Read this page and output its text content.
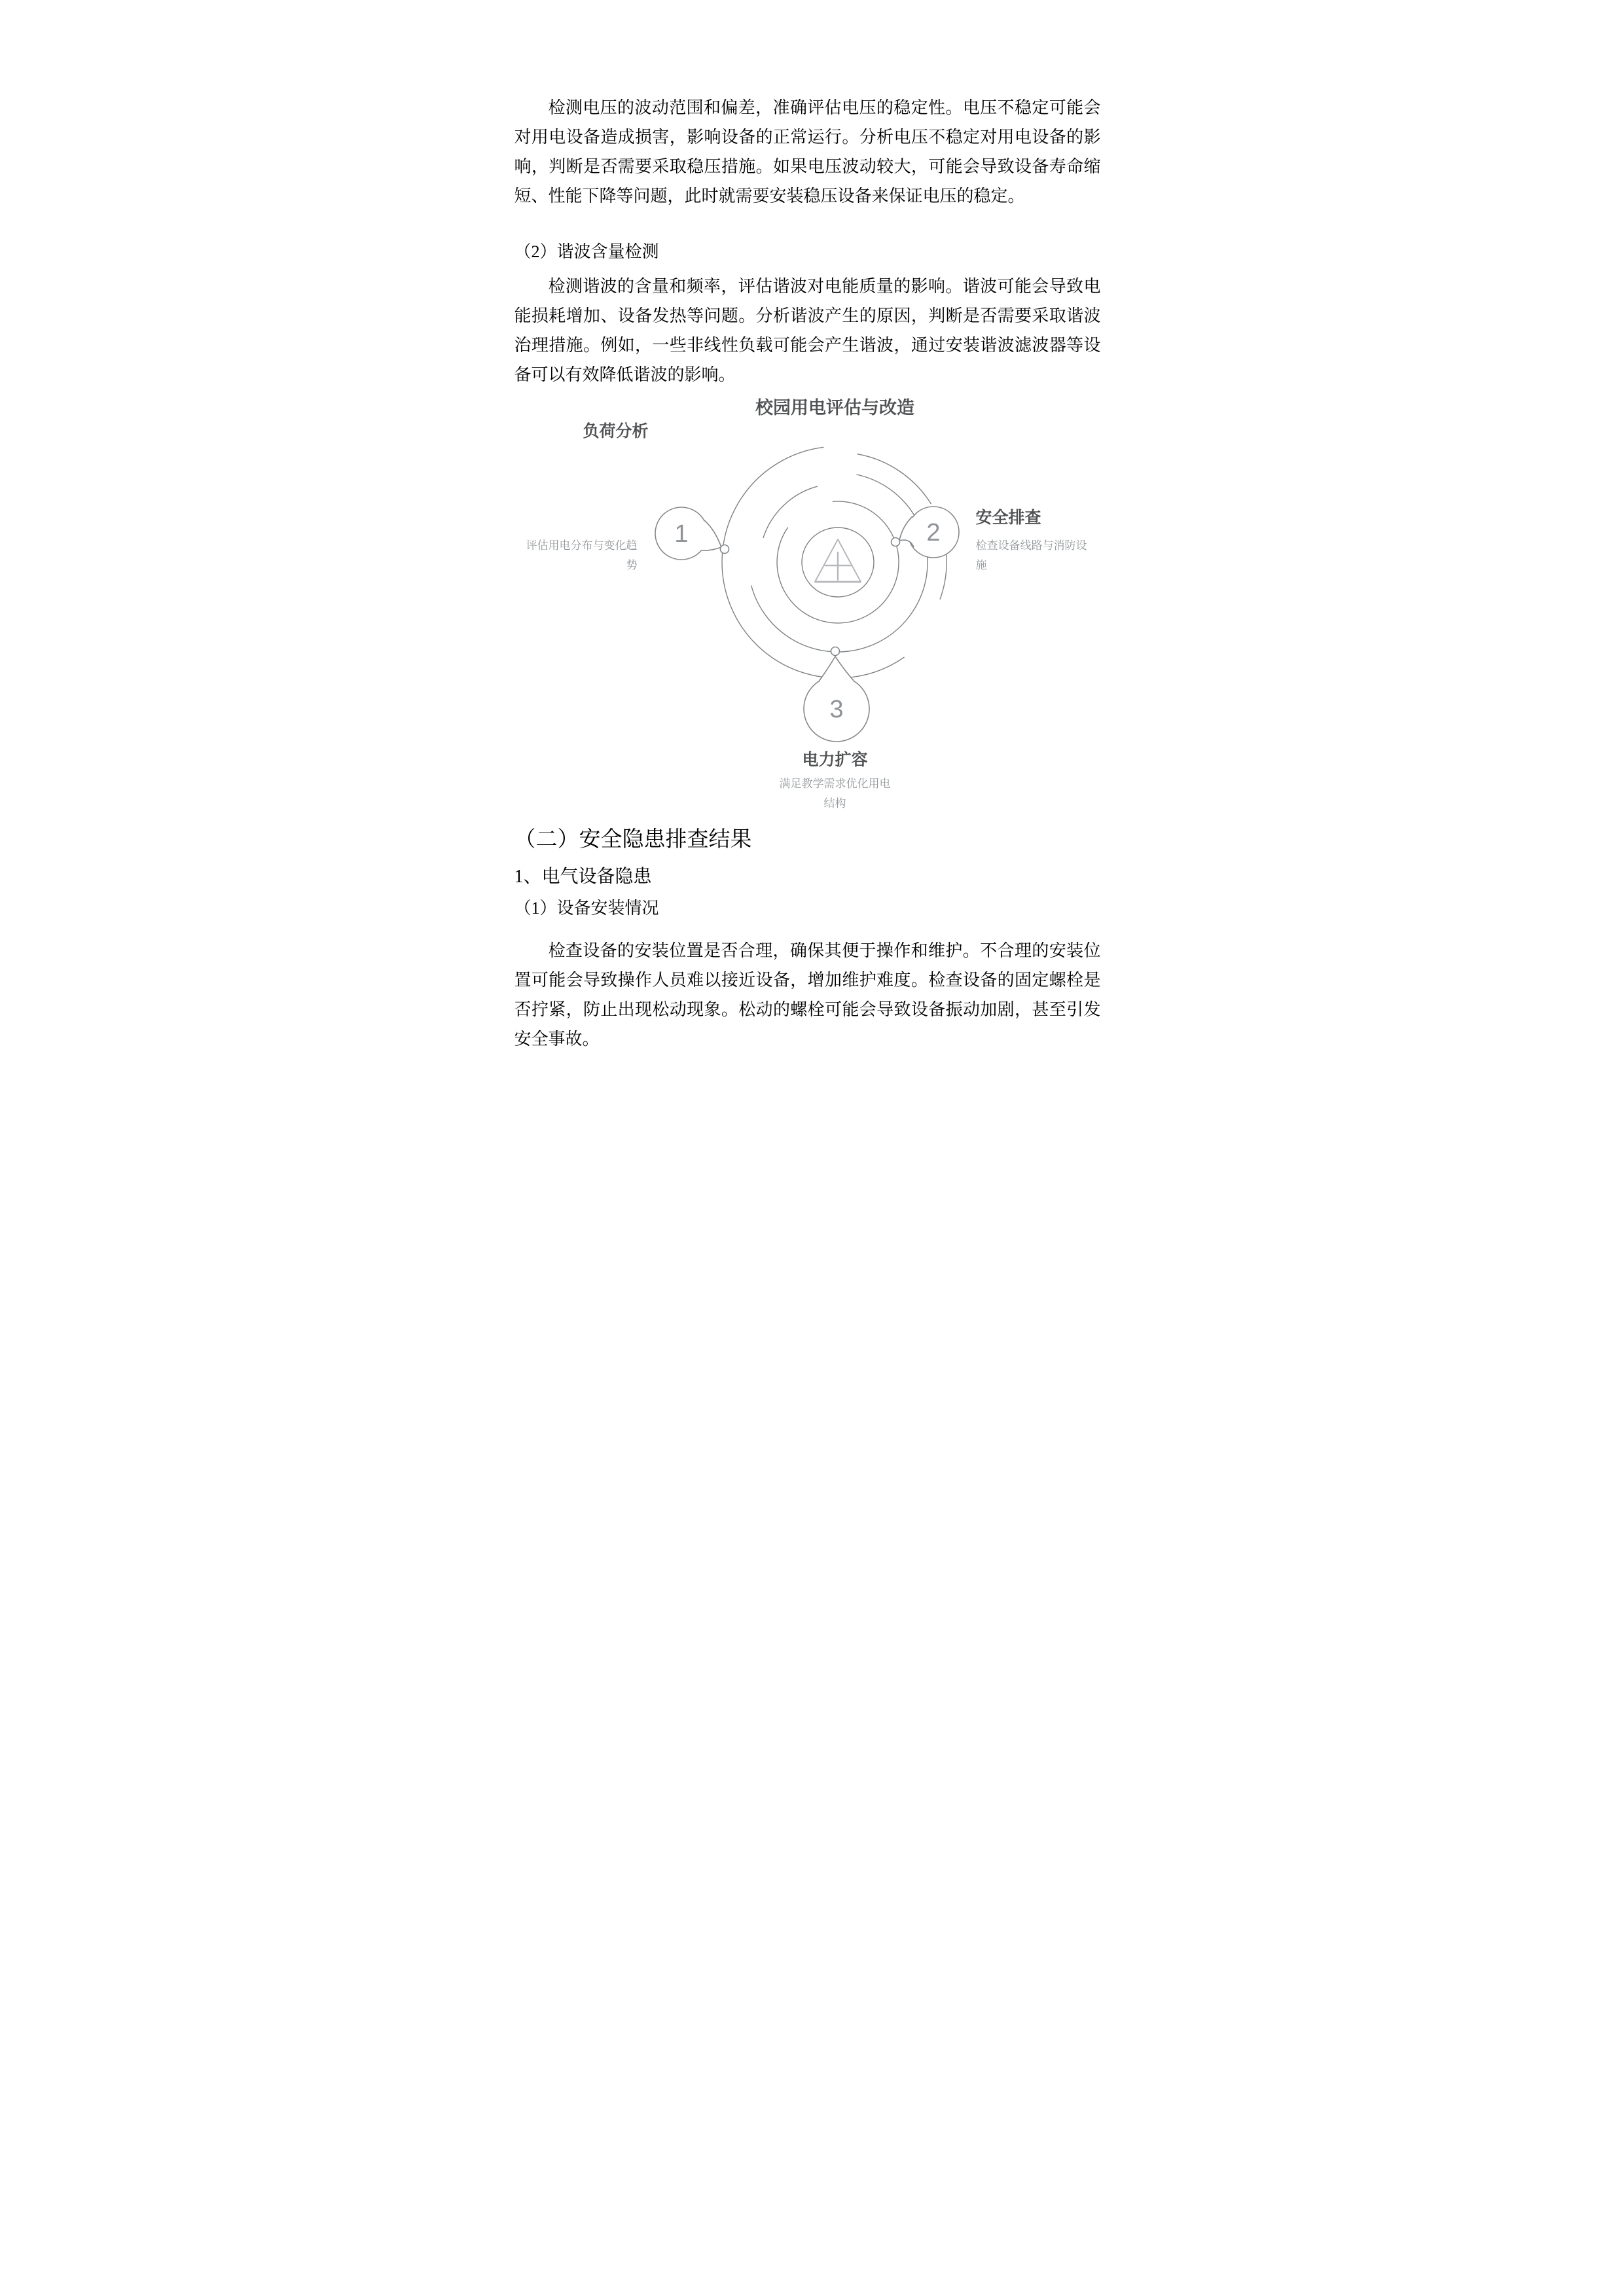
检测电压的波动范围和偏差，准确评估电压的稳定性。电压不稳定可能会对用电设备造成损害，影响设备的正常运行。分析电压不稳定对用电设备的影响，判断是否需要采取稳压措施。如果电压波动较大，可能会导致设备寿命缩短、性能下降等问题，此时就需要安装稳压设备来保证电压的稳定。

（2）谐波含量检测

检测谐波的含量和频率，评估谐波对电能质量的影响。谐波可能会导致电能损耗增加、设备发热等问题。分析谐波产生的原因，判断是否需要采取谐波治理措施。例如，一些非线性负载可能会产生谐波，通过安装谐波滤波器等设备可以有效降低谐波的影响。

校园用电评估与改造
1	2
3
负荷分析
评估用电分布与变化趋势
安全排查
检查设备线路与消防设施
电力扩容
满足教学需求优化用电结构
（二）安全隐患排查结果
1、电气设备隐患
（1）设备安装情况

检查设备的安装位置是否合理，确保其便于操作和维护。不合理的安装位置可能会导致操作人员难以接近设备，增加维护难度。检查设备的固定螺栓是否拧紧，防止出现松动现象。松动的螺栓可能会导致设备振动加剧，甚至引发安全事故。
